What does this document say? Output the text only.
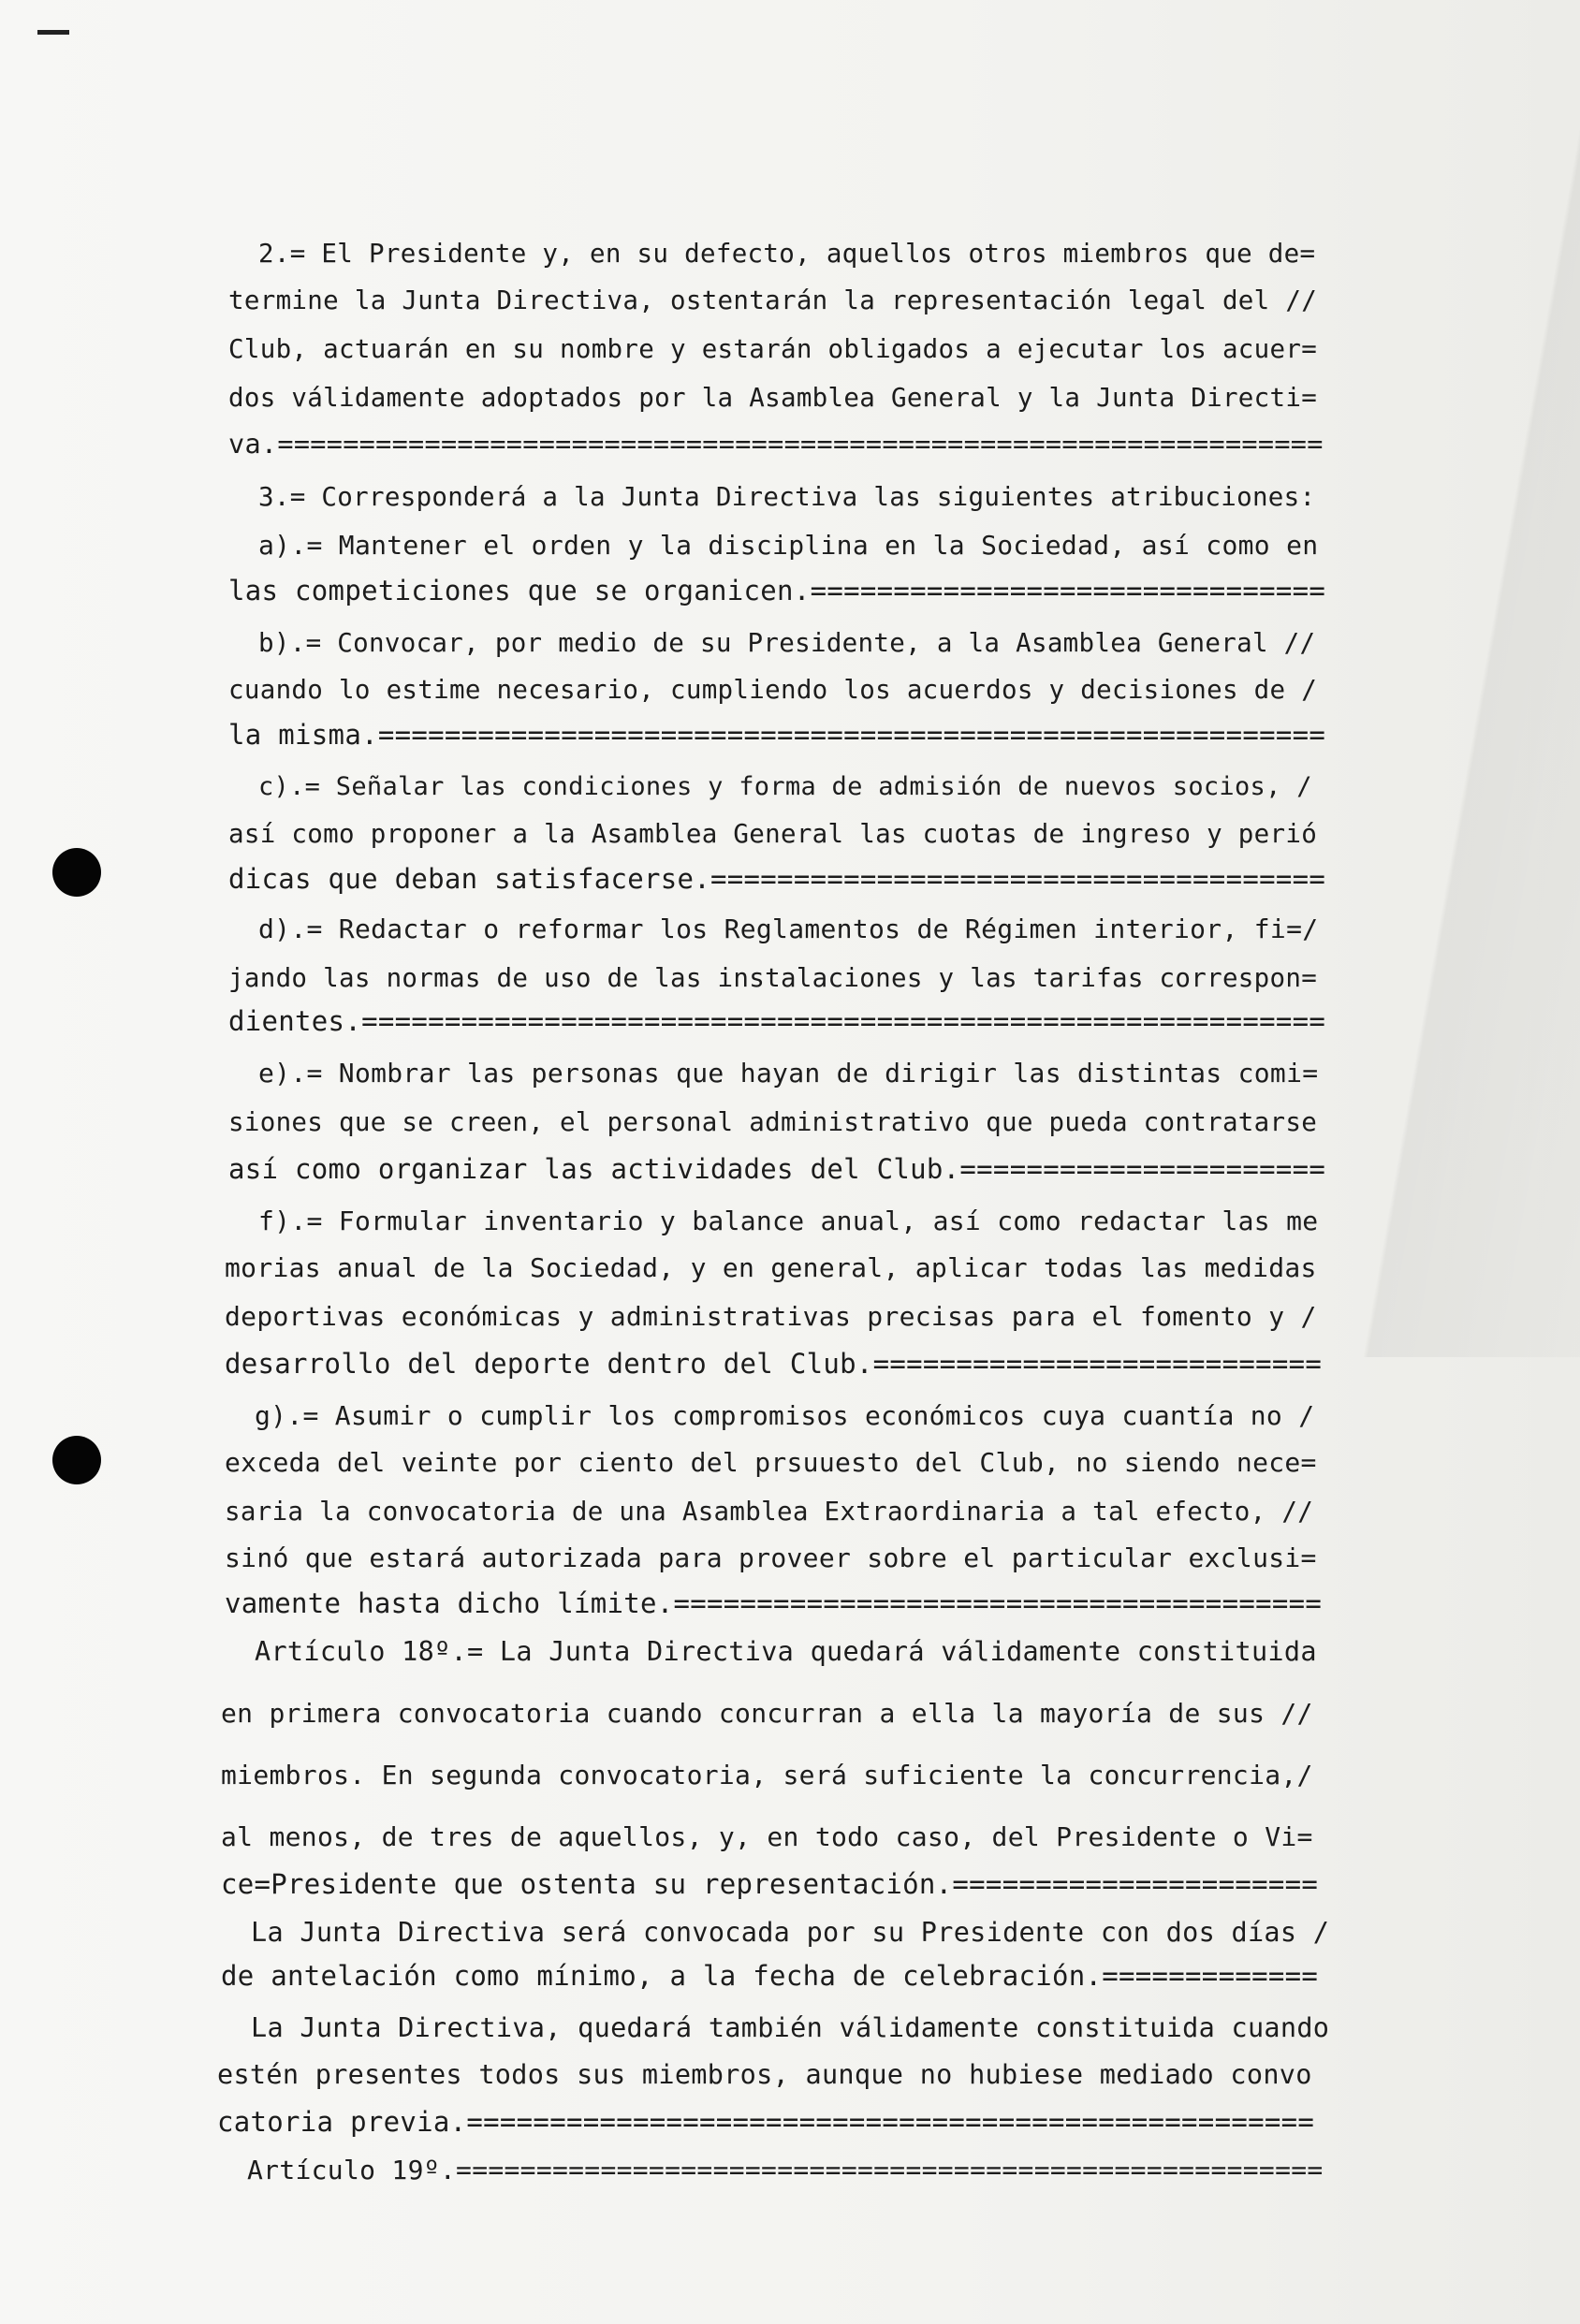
2.= El Presidente y, en su defecto, aquellos otros miembros que de=
termine la Junta Directiva, ostentarán la representación legal del //
Club, actuarán en su nombre y estarán obligados a ejecutar los acuer=
dos válidamente adoptados por la Asamblea General y la Junta Directi=
va.================================================================
3.= Corresponderá a la Junta Directiva las siguientes atribuciones:
a).= Mantener el orden y la disciplina en la Sociedad, así como en
las competiciones que se organicen.===============================
b).= Convocar, por medio de su Presidente, a la Asamblea General //
cuando lo estime necesario, cumpliendo los acuerdos y decisiones de /
la misma.=========================================================
c).= Señalar las condiciones y forma de admisión de nuevos socios, /
así como proponer a la Asamblea General las cuotas de ingreso y perió
dicas que deban satisfacerse.=====================================
d).= Redactar o reformar los Reglamentos de Régimen interior, fi=/
jando las normas de uso de las instalaciones y las tarifas correspon=
dientes.==========================================================
e).= Nombrar las personas que hayan de dirigir las distintas comi=
siones que se creen, el personal administrativo que pueda contratarse
así como organizar las actividades del Club.======================
f).= Formular inventario y balance anual, así como redactar las me
morias anual de la Sociedad, y en general, aplicar todas las medidas
deportivas económicas y administrativas precisas para el fomento y /
desarrollo del deporte dentro del Club.===========================
g).= Asumir o cumplir los compromisos económicos cuya cuantía no /
exceda del veinte por ciento del prsuuesto del Club, no siendo nece=
saria la convocatoria de una Asamblea Extraordinaria a tal efecto, //
sinó que estará autorizada para proveer sobre el particular exclusi=
vamente hasta dicho límite.=======================================
Artículo 18º.= La Junta Directiva quedará válidamente constituida
en primera convocatoria cuando concurran a ella la mayoría de sus //
miembros. En segunda convocatoria, será suficiente la concurrencia,/
al menos, de tres de aquellos, y, en todo caso, del Presidente o Vi=
ce=Presidente que ostenta su representación.======================
La Junta Directiva será convocada por su Presidente con dos días /
de antelación como mínimo, a la fecha de celebración.=============
La Junta Directiva, quedará también válidamente constituida cuando
estén presentes todos sus miembros, aunque no hubiese mediado convo
catoria previa.===================================================
Artículo 19º.======================================================
